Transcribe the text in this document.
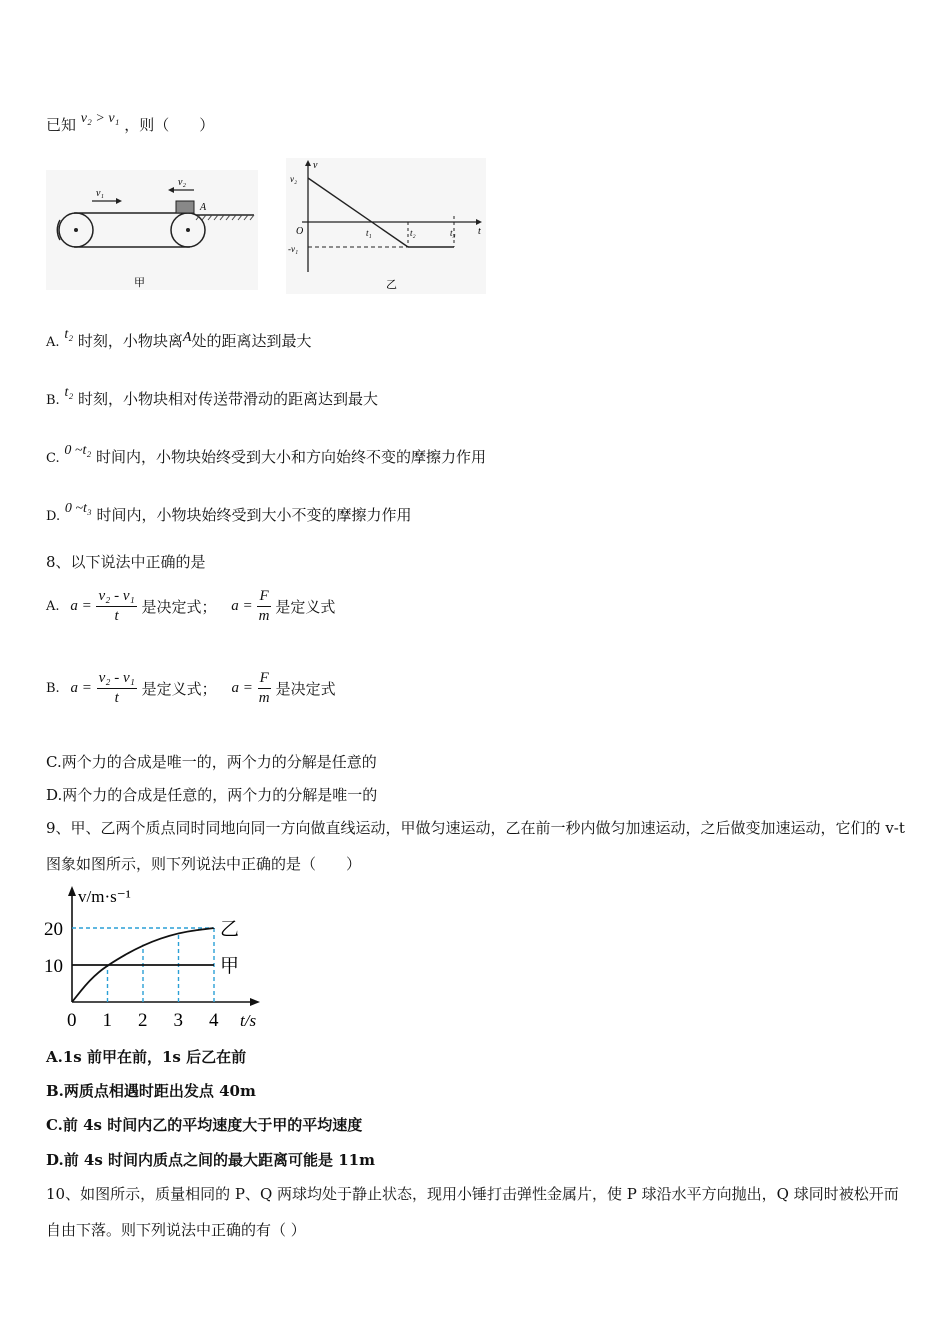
已知 v₂ > v₁ ，则（　　）
v₁
v₂
A
甲
v
t
O
v₂
-v₁
t₁	t₂	t₃
乙
A. t₂ 时刻，小物块离A处的距离达到最大
B. t₂ 时刻，小物块相对传送带滑动的距离达到最大
C. 0 ~t₂ 时间内，小物块始终受到大小和方向始终不变的摩擦力作用
D. 0 ~t₃ 时间内，小物块始终受到大小不变的摩擦力作用
8、以下说法中正确的是
A. $a = \frac{\text{v₂ - v₁}}{t}$ 是决定式； $a = \frac{F}{m}$ 是定义式
B. $a = \frac{\text{v₂ - v₁}}{t}$ 是定义式； $a = \frac{F}{m}$ 是决定式
C.两个力的合成是唯一的，两个力的分解是任意的
D.两个力的合成是任意的，两个力的分解是唯一的
9、甲、乙两个质点同时同地向同一方向做直线运动，甲做匀速运动，乙在前一秒内做匀加速运动，之后做变加速运动，它们的 v-t 图象如图所示，则下列说法中正确的是（　　）
v/m·s⁻¹
t/s
甲
乙
10
20
0 1 2 3 4
A.1s 前甲在前，1s 后乙在前
B.两质点相遇时距出发点 40m
C.前 4s 时间内乙的平均速度大于甲的平均速度
D.前 4s 时间内质点之间的最大距离可能是 11m
10、如图所示，质量相同的 P、Q 两球均处于静止状态，现用小锤打击弹性金属片，使 P 球沿水平方向抛出，Q 球同时被松开而自由下落。则下列说法中正确的有（ ）
